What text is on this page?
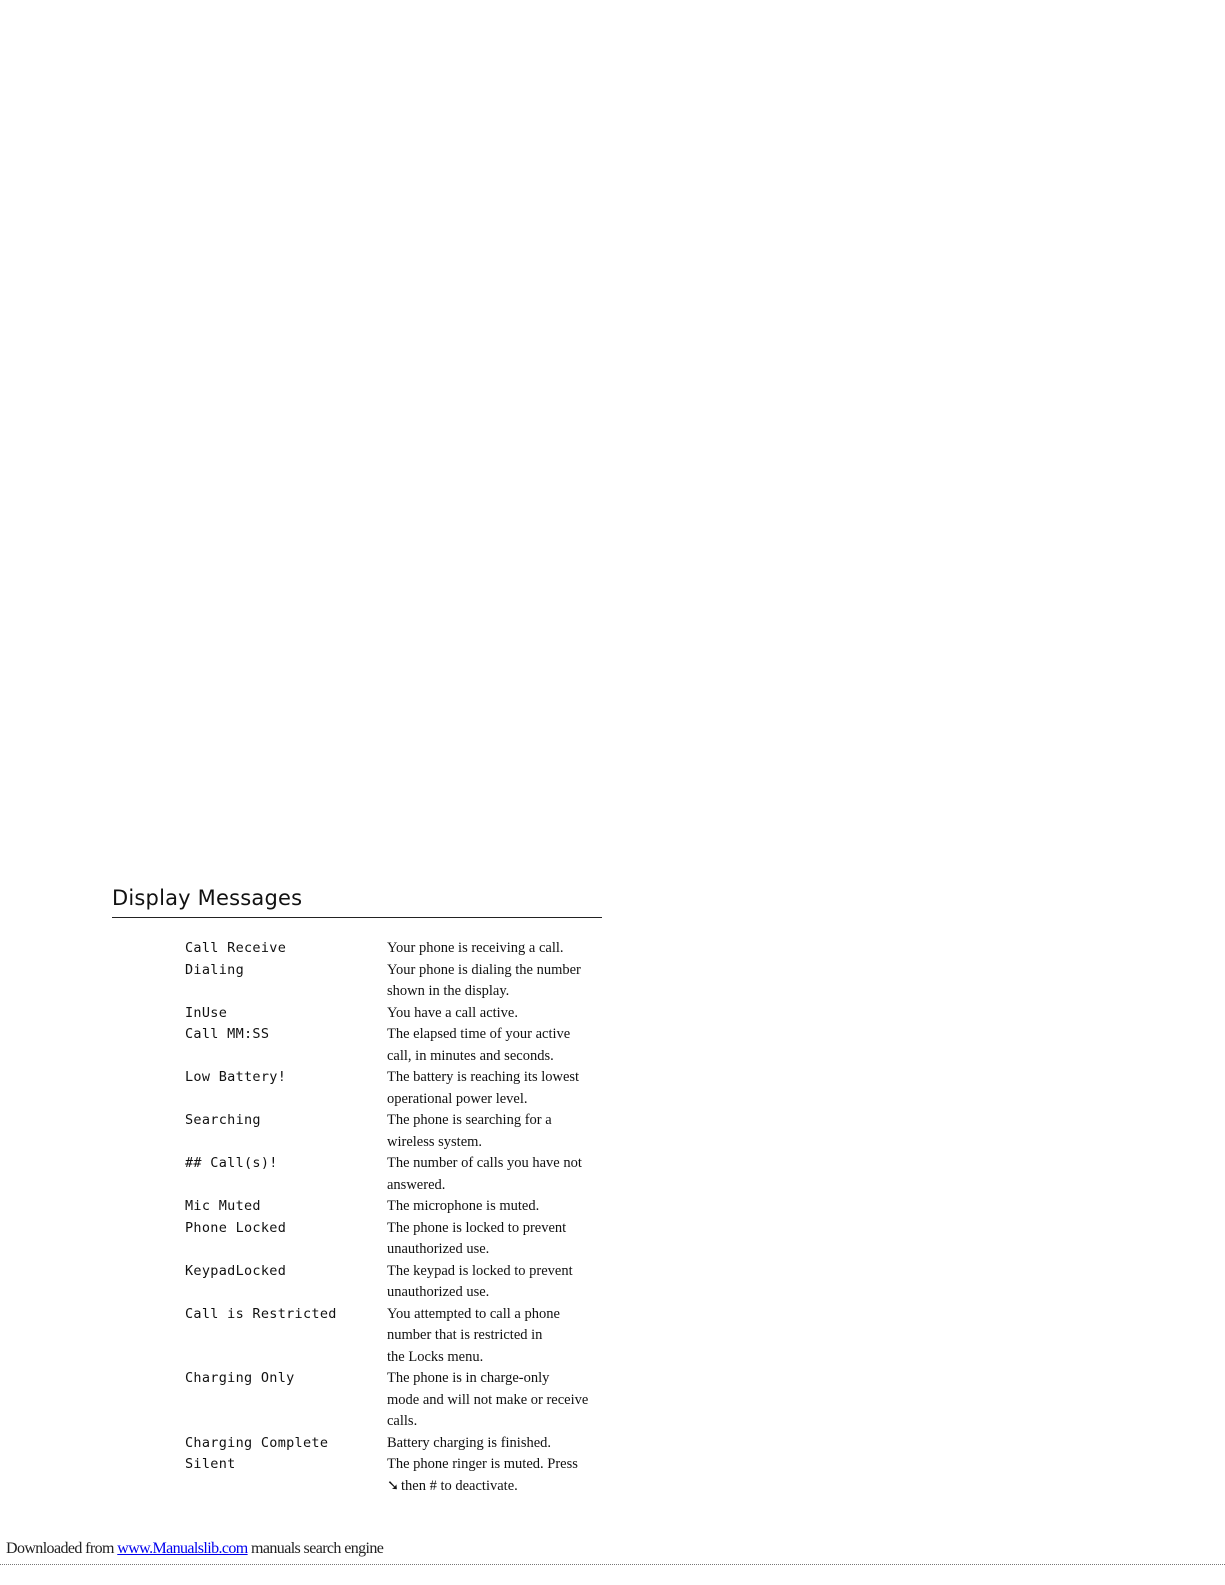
Display Messages
Call Receive	Your phone is receiving a call.
Dialing	Your phone is dialing the number
shown in the display.
InUse	You have a call active.
Call MM:SS	The elapsed time of your active
call, in minutes and seconds.
Low Battery!	The battery is reaching its lowest
operational power level.
Searching	The phone is searching for a
wireless system.
## Call(s)!	The number of calls you have not
answered.
Mic Muted	The microphone is muted.
Phone Locked	The phone is locked to prevent
unauthorized use.
KeypadLocked	The keypad is locked to prevent
unauthorized use.
Call is Restricted	You attempted to call a phone
number that is restricted in
the Locks menu.
Charging Only	The phone is in charge-only
mode and will not make or receive
calls.
Charging Complete	Battery charging is finished.
Silent	The phone ringer is muted. Press
➘ then # to deactivate.
Downloaded from www.Manualslib.com manuals search engine
